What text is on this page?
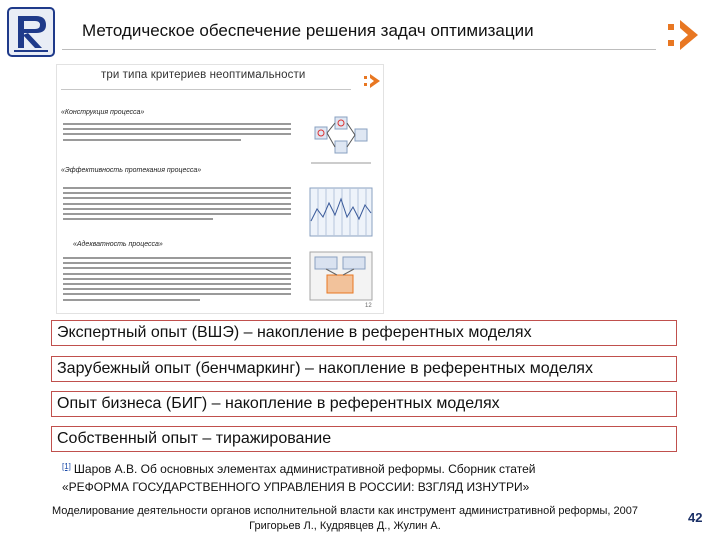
Методическое обеспечение решения задач оптимизации
три типа критериев неоптимальности
«Конструкция процесса»
«Эффективность протекания процесса»
«Адекватность процесса»
12
Экспертный опыт (ВШЭ) – накопление в референтных моделях
Зарубежный опыт (бенчмаркинг) – накопление в референтных моделях
Опыт бизнеса (БИГ) – накопление в референтных моделях
Собственный опыт – тиражирование
[1] Шаров А.В. Об основных элементах административной реформы. Сборник статей
«РЕФОРМА ГОСУДАРСТВЕННОГО УПРАВЛЕНИЯ В РОССИИ: ВЗГЛЯД ИЗНУТРИ»
Моделирование деятельности органов исполнительной власти как инструмент административной реформы, 2007
Григорьев Л., Кудрявцев Д., Жулин А.
42
